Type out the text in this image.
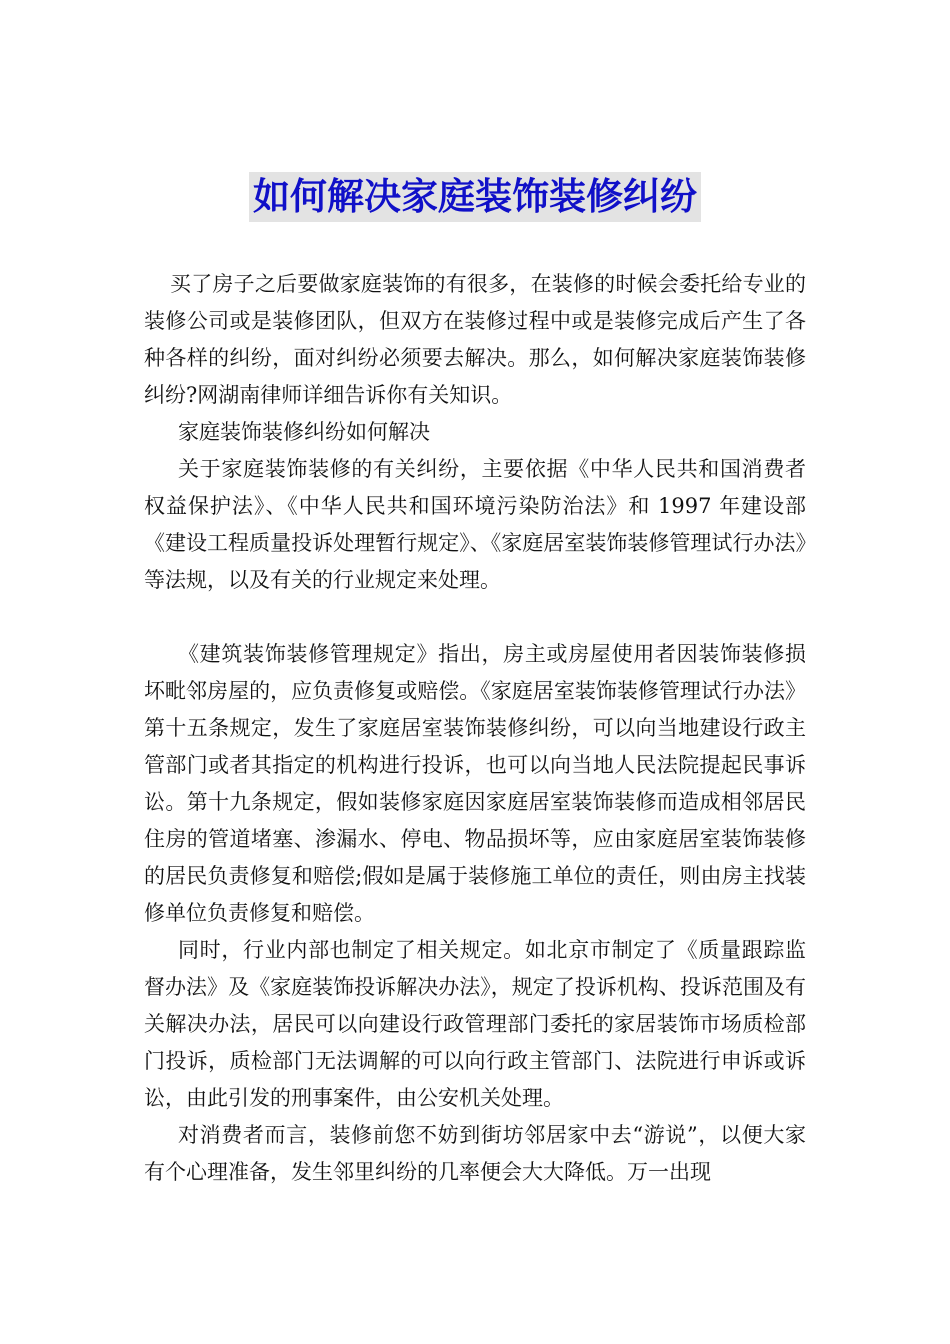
如何解决家庭装饰装修纠纷

买了房子之后要做家庭装饰的有很多，在装修的时候会委托给专业的装修公司或是装修团队，但双方在装修过程中或是装修完成后产生了各种各样的纠纷，面对纠纷必须要去解决。那么，如何解决家庭装饰装修纠纷?网湖南律师详细告诉你有关知识。

家庭装饰装修纠纷如何解决

关于家庭装饰装修的有关纠纷，主要依据《中华人民共和国消费者权益保护法》、《中华人民共和国环境污染防治法》和 1997 年建设部《建设工程质量投诉处理暂行规定》、《家庭居室装饰装修管理试行办法》等法规，以及有关的行业规定来处理。

《建筑装饰装修管理规定》指出，房主或房屋使用者因装饰装修损坏毗邻房屋的，应负责修复或赔偿。《家庭居室装饰装修管理试行办法》第十五条规定，发生了家庭居室装饰装修纠纷，可以向当地建设行政主管部门或者其指定的机构进行投诉，也可以向当地人民法院提起民事诉讼。第十九条规定，假如装修家庭因家庭居室装饰装修而造成相邻居民住房的管道堵塞、渗漏水、停电、物品损坏等，应由家庭居室装饰装修的居民负责修复和赔偿;假如是属于装修施工单位的责任，则由房主找装修单位负责修复和赔偿。

同时，行业内部也制定了相关规定。如北京市制定了《质量跟踪监督办法》及《家庭装饰投诉解决办法》，规定了投诉机构、投诉范围及有关解决办法，居民可以向建设行政管理部门委托的家居装饰市场质检部门投诉，质检部门无法调解的可以向行政主管部门、法院进行申诉或诉讼，由此引发的刑事案件，由公安机关处理。

对消费者而言，装修前您不妨到街坊邻居家中去“游说”，以便大家有个心理准备，发生邻里纠纷的几率便会大大降低。万一出现
